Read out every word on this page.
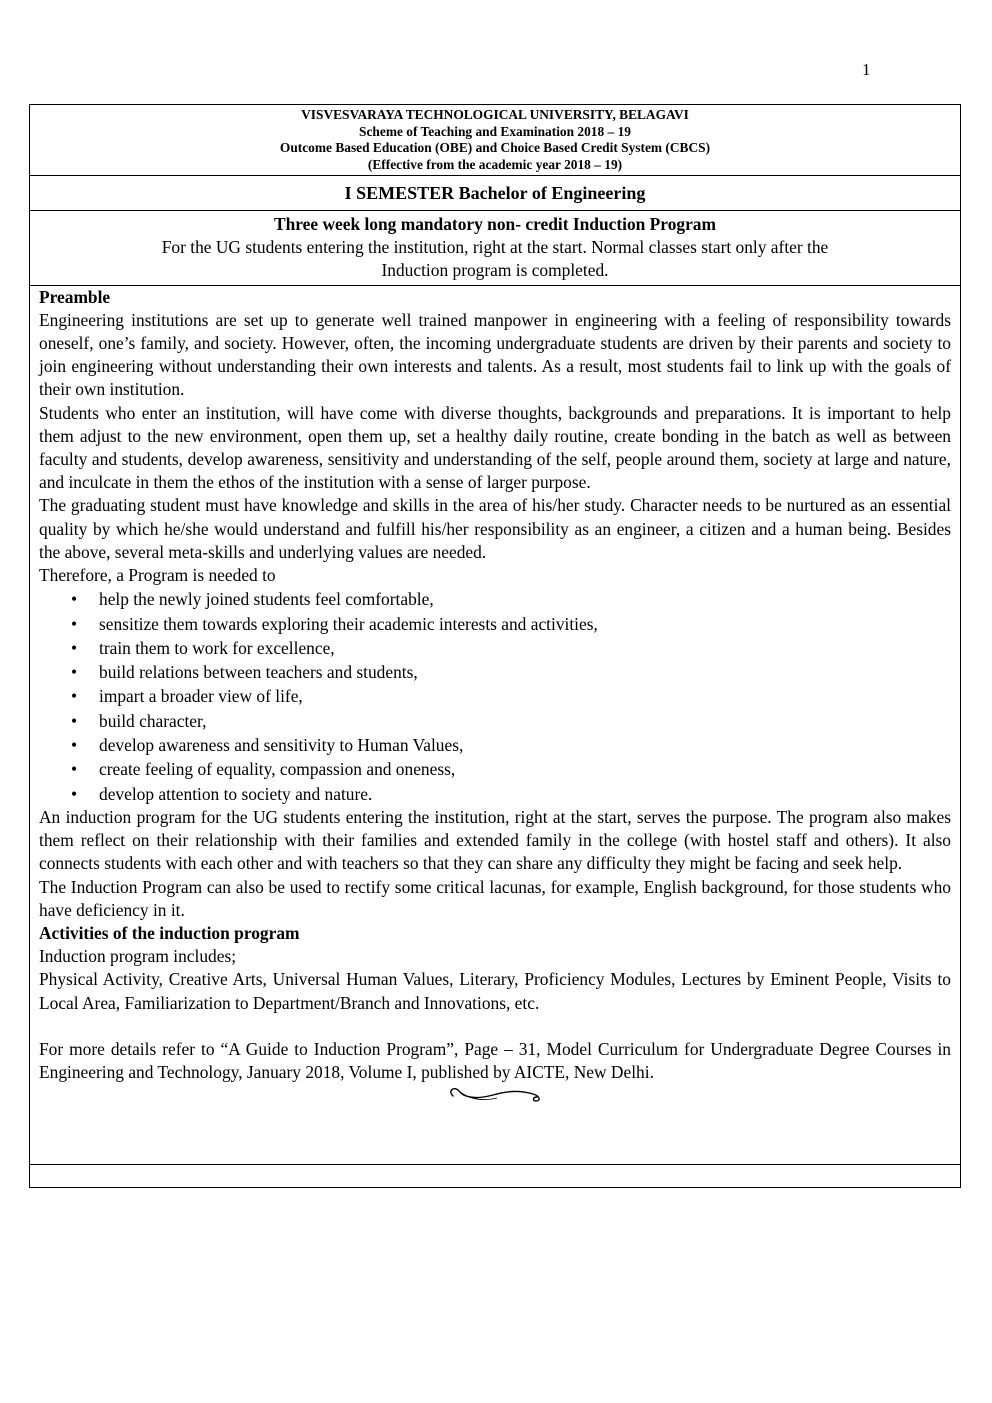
1
VISVESVARAYA TECHNOLOGICAL UNIVERSITY, BELAGAVI
Scheme of Teaching and Examination 2018 – 19
Outcome Based Education (OBE) and Choice Based Credit System (CBCS)
(Effective from the academic year 2018 – 19)
I SEMESTER Bachelor of Engineering
Three week long mandatory non- credit Induction Program
For the UG students entering the institution, right at the start. Normal classes start only after the
Induction program is completed.

Preamble

Engineering institutions are set up to generate well trained manpower in engineering with a feeling of responsibility towards oneself, one’s family, and society. However, often, the incoming undergraduate students are driven by their parents and society to join engineering without understanding their own interests and talents. As a result, most students fail to link up with the goals of their own institution.

Students who enter an institution, will have come with diverse thoughts, backgrounds and preparations. It is important to help them adjust to the new environment, open them up, set a healthy daily routine, create bonding in the batch as well as between faculty and students, develop awareness, sensitivity and understanding of the self, people around them, society at large and nature, and inculcate in them the ethos of the institution with a sense of larger purpose.

The graduating student must have knowledge and skills in the area of his/her study. Character needs to be nurtured as an essential quality by which he/she would understand and fulfill his/her responsibility as an engineer, a citizen and a human being. Besides the above, several meta-skills and underlying values are needed.

Therefore, a Program is needed to

• help the newly joined students feel comfortable,
• sensitize them towards exploring their academic interests and activities,
• train them to work for excellence,
• build relations between teachers and students,
• impart a broader view of life,
• build character,
• develop awareness and sensitivity to Human Values,
• create feeling of equality, compassion and oneness,
• develop attention to society and nature.

An induction program for the UG students entering the institution, right at the start, serves the purpose. The program also makes them reflect on their relationship with their families and extended family in the college (with hostel staff and others). It also connects students with each other and with teachers so that they can share any difficulty they might be facing and seek help.

The Induction Program can also be used to rectify some critical lacunas, for example, English background, for those students who have deficiency in it.

Activities of the induction program

Induction program includes;

Physical Activity, Creative Arts, Universal Human Values, Literary, Proficiency Modules, Lectures by Eminent People, Visits to Local Area, Familiarization to Department/Branch and Innovations, etc.

For more details refer to “A Guide to Induction Program”, Page – 31, Model Curriculum for Undergraduate Degree Courses in Engineering and Technology, January 2018, Volume I, published by AICTE, New Delhi.
